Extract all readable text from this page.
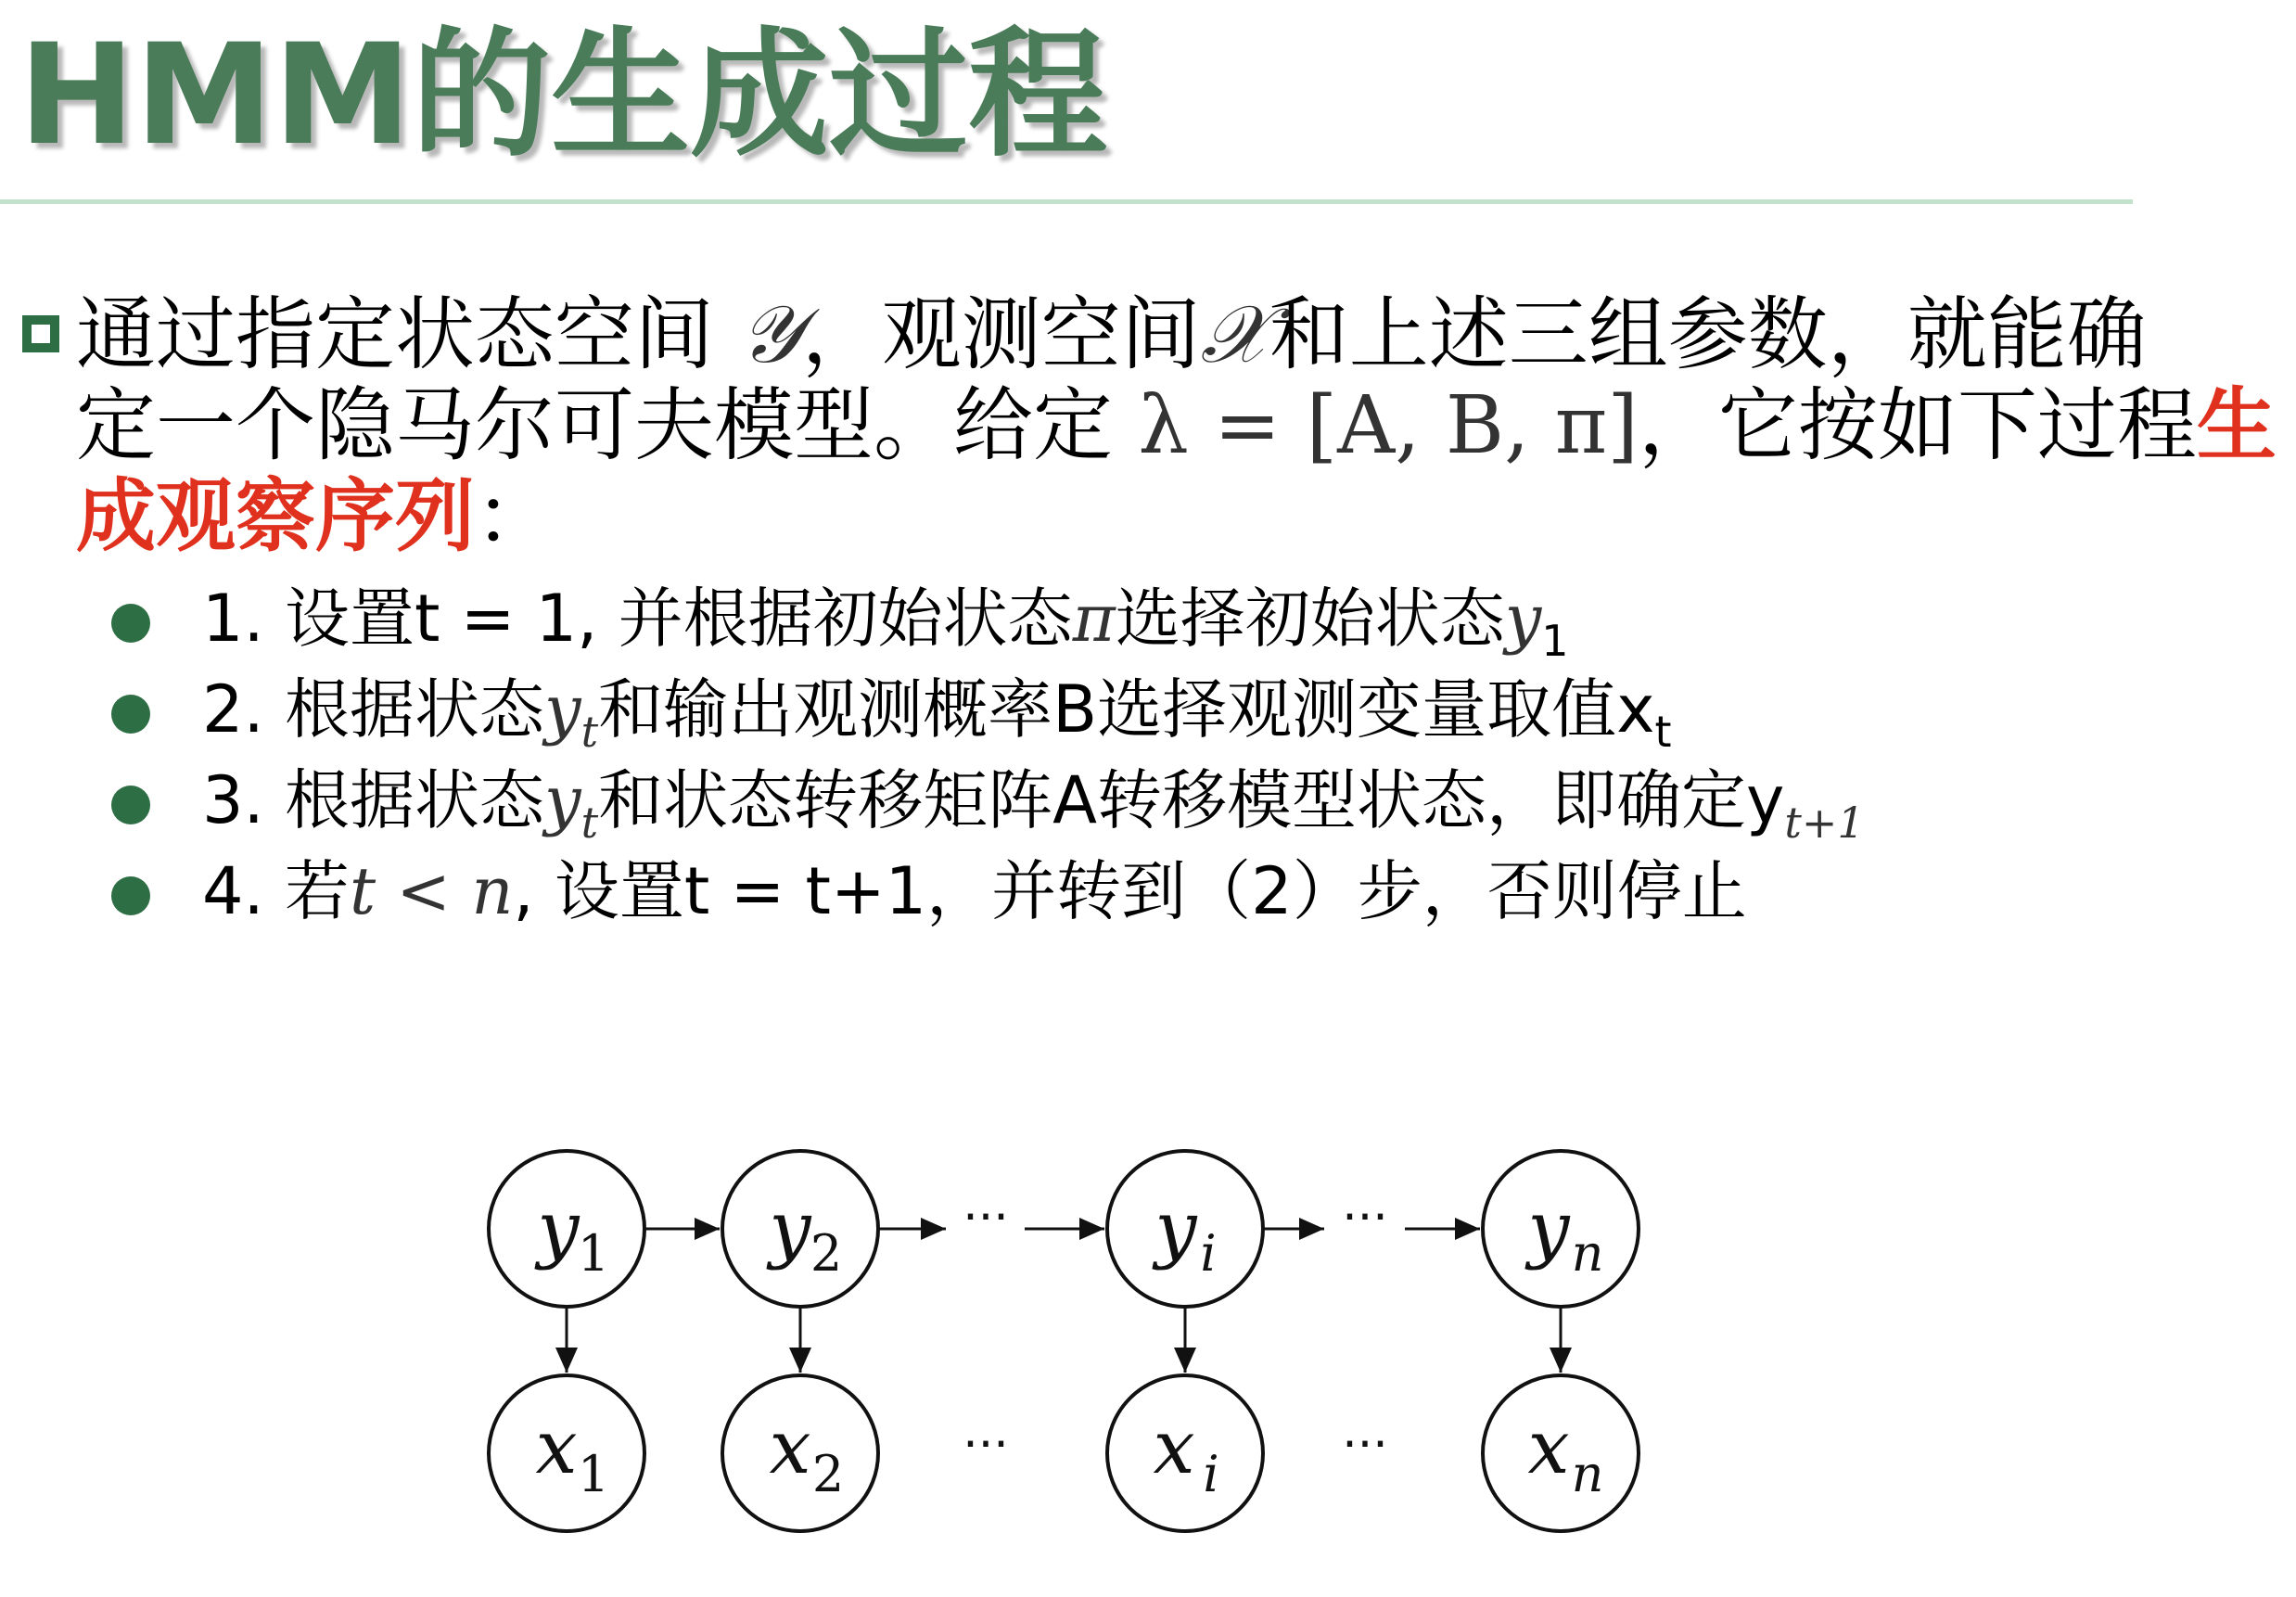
HMM的生成过程
通过指定状态空间 𝒴，观测空间𝒳和上述三组参数，就能确
定一个隐马尔可夫模型。给定 λ = [A, B, π]，它按如下过程生
成观察序列：
1. 设置t = 1, 并根据初始状态π选择初始状态$y_1$
2. 根据状态$y_t$和输出观测概率B选择观测变量取值$x_t$
3. 根据状态$y_t$和状态转移矩阵A转移模型状态，即确定$y_{t+1}$
4. 若t < n, 设置t = t+1，并转到（2）步，否则停止
y
1 y 2	y i	y n
x 1 x 2	x i	x n
···	···
···	···
